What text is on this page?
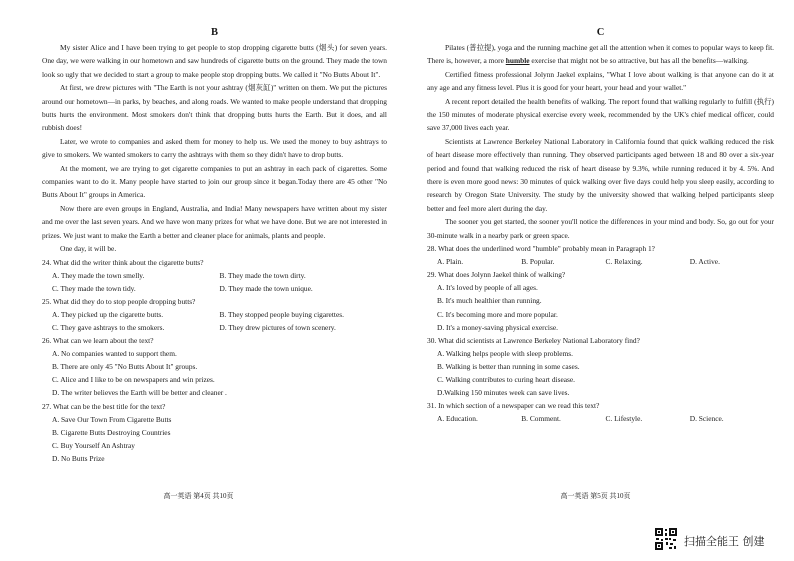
B

My sister Alice and I have been trying to get people to stop dropping cigarette butts (烟头) for seven years. One day, we were walking in our hometown and saw hundreds of cigarette butts on the ground. They made the town look so ugly that we decided to start a group to make people stop dropping butts. We called it "No Butts About It".

At first, we drew pictures with "The Earth is not your ashtray (烟灰缸)" written on them. We put the pictures around our hometown—in parks, by beaches, and along roads. We wanted to make people understand that dropping butts hurts the environment. Most smokers don't think that dropping butts hurts the Earth. But it does, and all rubbish does!

Later, we wrote to companies and asked them for money to help us. We used the money to buy ashtrays to give to smokers. We wanted smokers to carry the ashtrays with them so they didn't have to drop butts.

At the moment, we are trying to get cigarette companies to put an ashtray in each pack of cigarettes. Some companies want to do it. Many people have started to join our group since it began.Today there are 45 other "No Butts About It" groups in America.

Now there are even groups in England, Australia, and India! Many newspapers have written about my sister and me over the last seven years. And we have won many prizes for what we have done. But we are not interested in prizes. We just want to make the Earth a better and cleaner place for animals, plants and people.

One day, it will be.

24. What did the writer think about the cigarette butts?

A. They made the town smelly.	B. They made the town dirty.
C. They made the town tidy.	D. They made the town unique.

25. What did they do to stop people dropping butts?

A. They picked up the cigarette butts.	B. They stopped people buying cigarettes.
C. They gave ashtrays to the smokers.	D. They drew pictures of town scenery.

26. What can we learn about the text?

A. No companies wanted to support them.
B. There are only 45 "No Butts About It" groups.
C. Alice and I like to be on newspapers and win prizes.
D. The writer believes the Earth will be better and cleaner .

27. What can be the best title for the text?

A. Save Our Town From Cigarette Butts
B. Cigarette Butts Destroying Countries
C. Buy Yourself An Ashtray
D. No Butts Prize
高一英语 第4页 共10页
C

Pilates (普拉提), yoga and the running machine get all the attention when it comes to popular ways to keep fit. There is, however, a more humble exercise that might not be so attractive, but has all the benefits—walking.

Certified fitness professional Jolynn Jaekel explains, "What I love about walking is that anyone can do it at any age and any fitness level. Plus it is good for your heart, your head and your wallet."

A recent report detailed the health benefits of walking. The report found that walking regularly to fulfill (执行) the 150 minutes of moderate physical exercise every week, recommended by the UK's chief medical officer, could save 37,000 lives each year.

Scientists at Lawrence Berkeley National Laboratory in California found that quick walking reduced the risk of heart disease more effectively than running. They observed participants aged between 18 and 80 over a six-year period and found that walking reduced the risk of heart disease by 9.3%, while running reduced it by 4. 5%. And there is even more good news: 30 minutes of quick walking over five days could help you sleep easily, according to research by Oregon State University. The study by the university showed that walking helped participants sleep better and feel more alert during the day.

The sooner you get started, the sooner you'll notice the differences in your mind and body. So, go out for your 30-minute walk in a nearby park or green space.

28. What does the underlined word "humble" probably mean in Paragraph 1?

A. Plain.	B. Popular.	C. Relaxing.	D. Active.

29. What does Jolynn Jaekel think of walking?

A. It's loved by people of all ages.
B. It's much healthier than running.
C. It's becoming more and more popular.
D. It's a money-saving physical exercise.

30. What did scientists at Lawrence Berkeley National Laboratory find?

A. Walking helps people with sleep problems.
B. Walking is better than running in some cases.
C. Walking contributes to curing heart disease.
D.Walking 150 minutes week can save lives.

31. In which section of a newspaper can we read this text?

A. Education.	B. Comment.	C. Lifestyle.	D. Science.
高一英语 第5页 共10页
扫描全能王 创建
